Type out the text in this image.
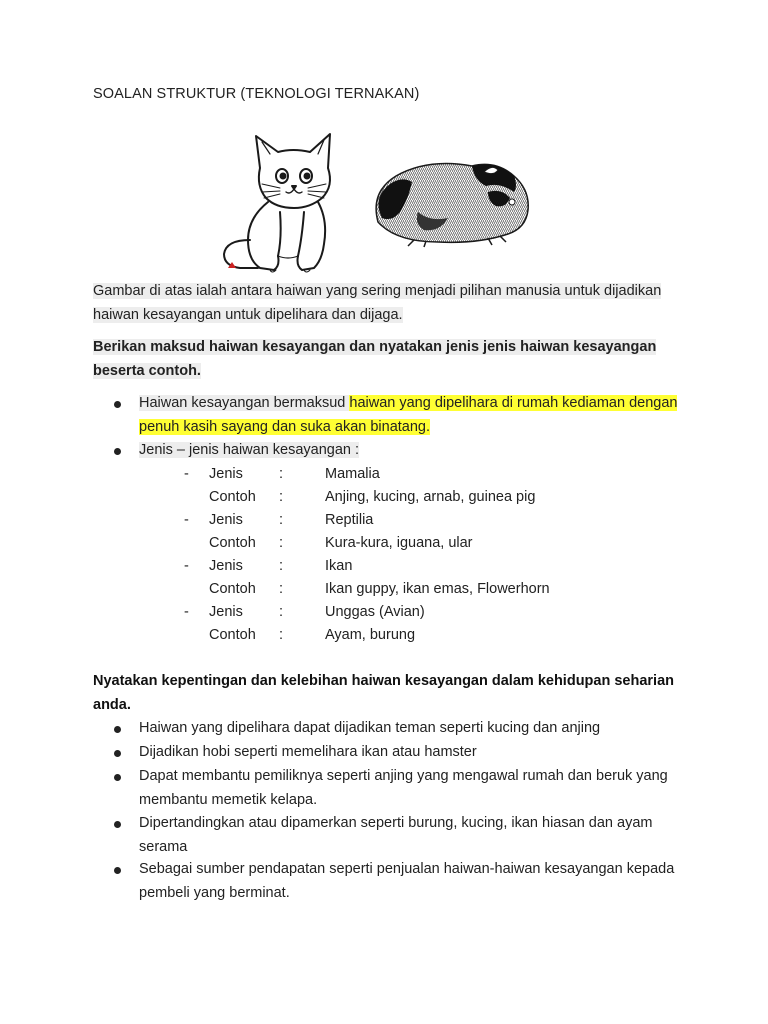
SOALAN STRUKTUR (TEKNOLOGI TERNAKAN)
Gambar di atas ialah antara haiwan yang sering menjadi pilihan manusia untuk dijadikan
haiwan kesayangan untuk dipelihara dan dijaga.
Berikan maksud haiwan kesayangan dan nyatakan jenis jenis haiwan kesayangan
beserta contoh.
Haiwan kesayangan bermaksud haiwan yang dipelihara di rumah kediaman dengan
penuh kasih sayang dan suka akan binatang.
Jenis – jenis haiwan kesayangan :
- Jenis :	Mamalia
Contoh :	Anjing, kucing, arnab, guinea pig
- Jenis :	Reptilia
Contoh :	Kura-kura, iguana, ular
- Jenis :	Ikan
Contoh :	Ikan guppy, ikan emas, Flowerhorn
- Jenis :	Unggas (Avian)
Contoh :	Ayam, burung
Nyatakan kepentingan dan kelebihan haiwan kesayangan dalam kehidupan seharian
anda.
Haiwan yang dipelihara dapat dijadikan teman seperti kucing dan anjing
Dijadikan hobi seperti memelihara ikan atau hamster
Dapat membantu pemiliknya seperti anjing yang mengawal rumah dan beruk yang
membantu memetik kelapa.
Dipertandingkan atau dipamerkan seperti burung, kucing, ikan hiasan dan ayam
serama
Sebagai sumber pendapatan seperti penjualan haiwan-haiwan kesayangan kepada
pembeli yang berminat.
